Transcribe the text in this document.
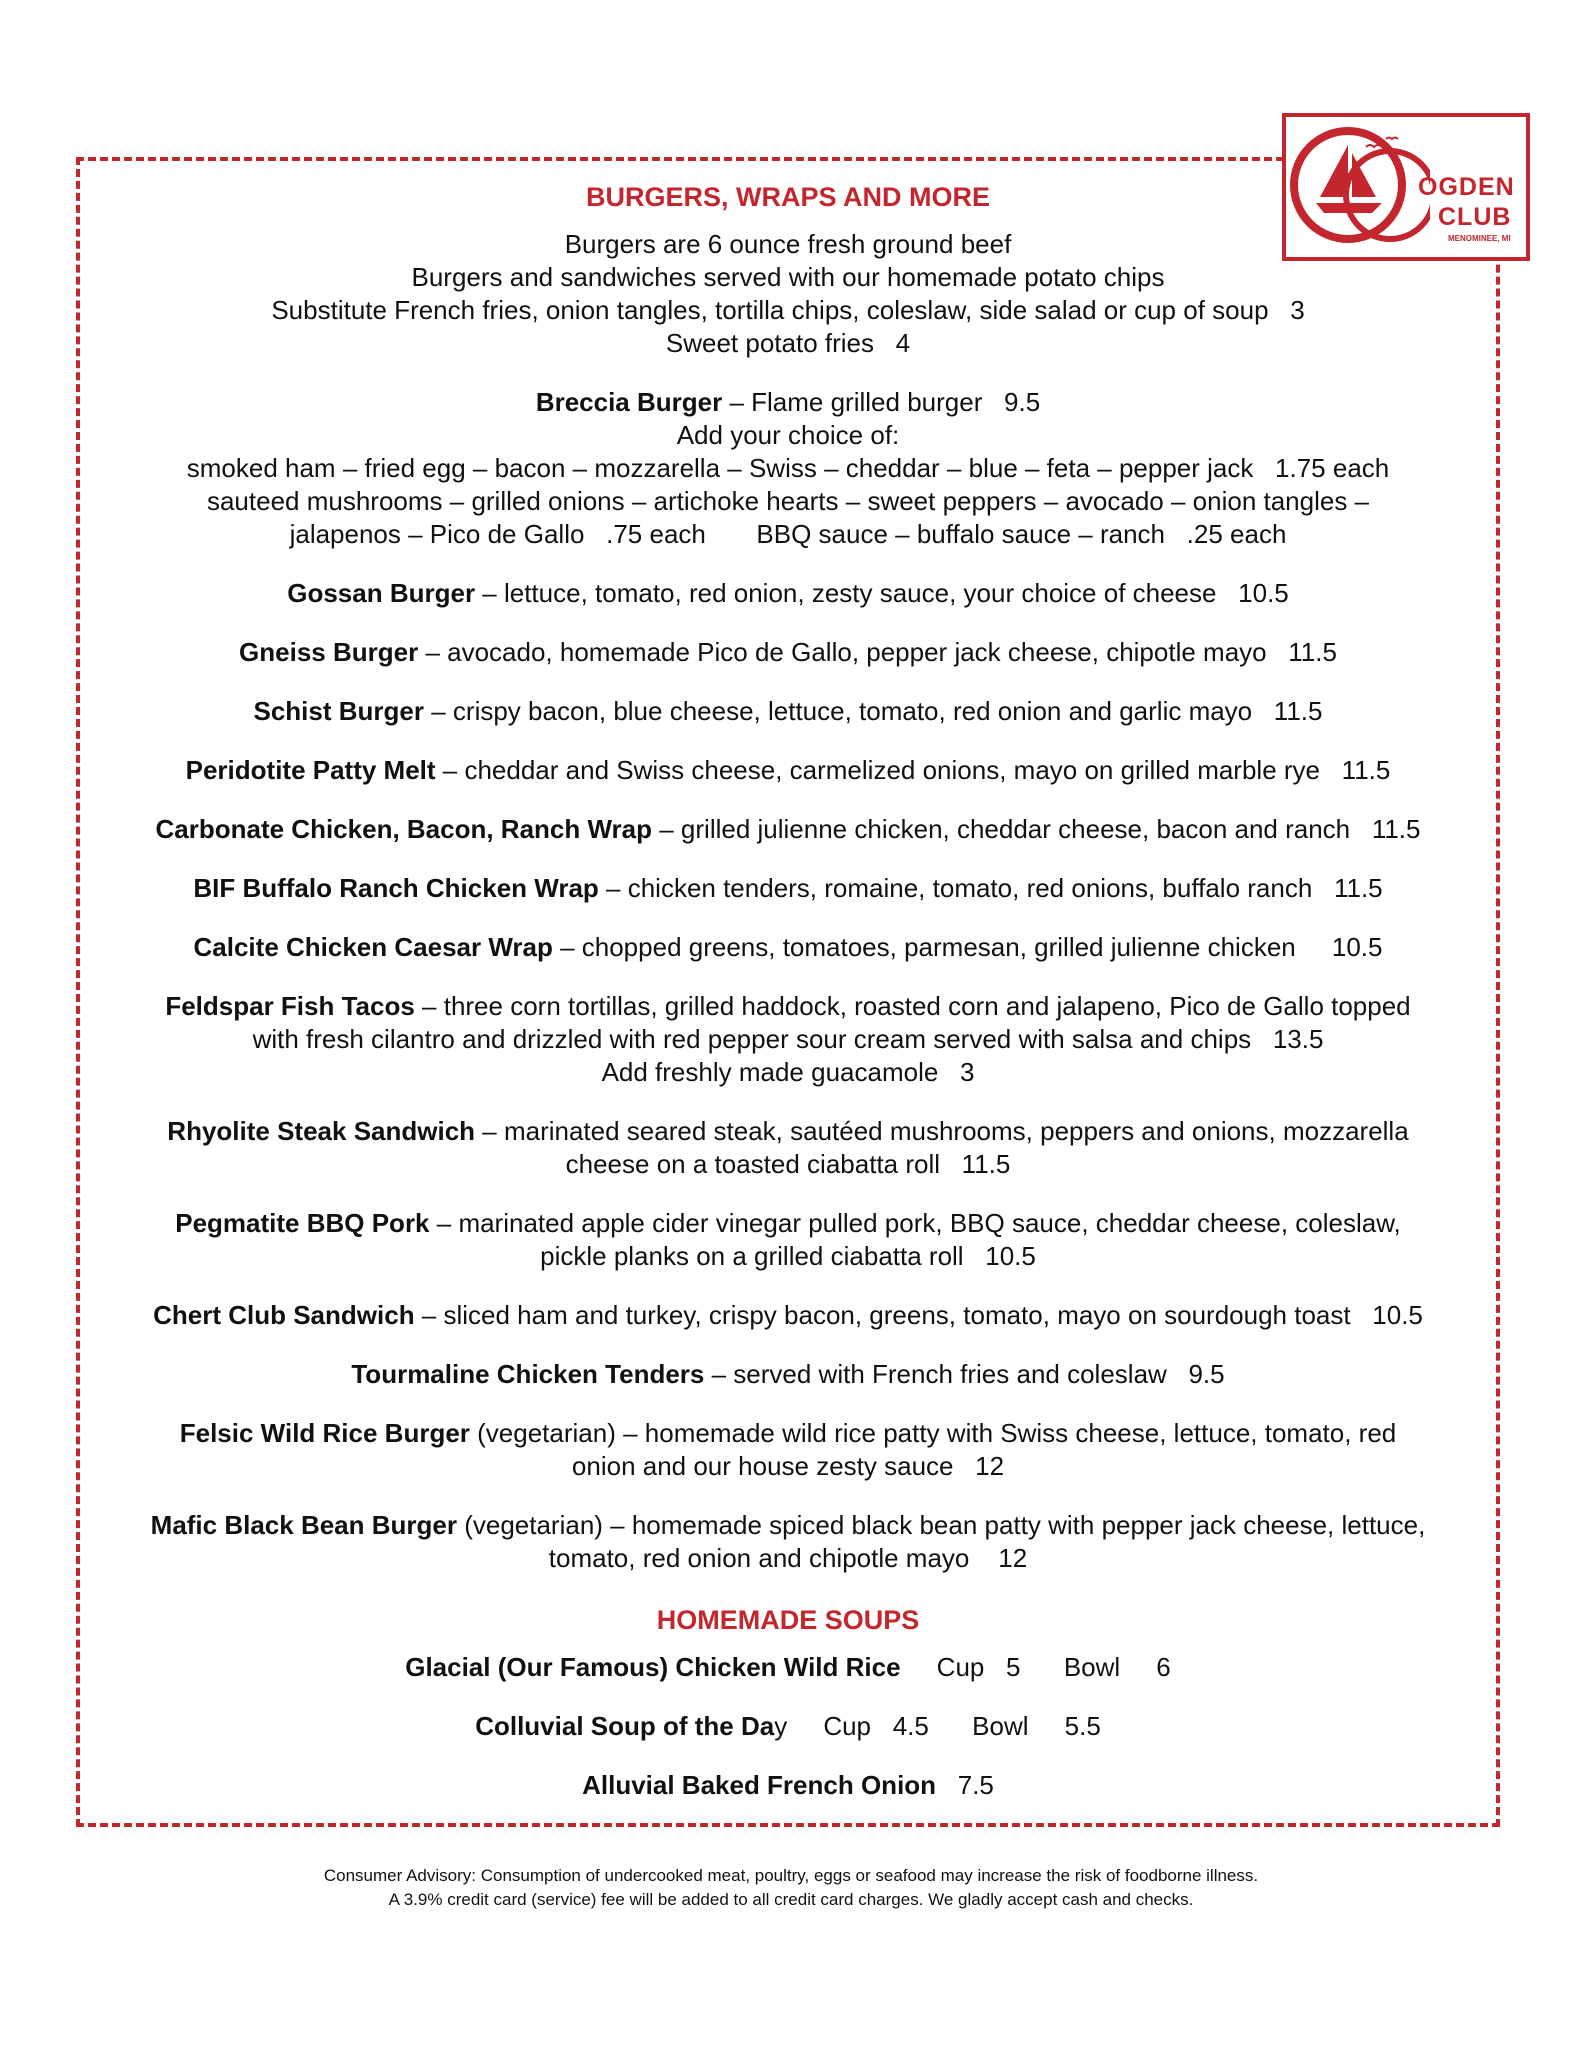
OGDEN
CLUB
MENOMINEE, MI

BURGERS, WRAPS AND MORE

Burgers are 6 ounce fresh ground beef

Burgers and sandwiches served with our homemade potato chips

Substitute French fries, onion tangles, tortilla chips, coleslaw, side salad or cup of soup   3

Sweet potato fries   4

Breccia Burger – Flame grilled burger   9.5

Add your choice of:

smoked ham – fried egg – bacon – mozzarella – Swiss – cheddar – blue – feta – pepper jack   1.75 each

sauteed mushrooms – grilled onions – artichoke hearts – sweet peppers – avocado – onion tangles –

jalapenos – Pico de Gallo   .75 each       BBQ sauce – buffalo sauce – ranch   .25 each

Gossan Burger – lettuce, tomato, red onion, zesty sauce, your choice of cheese   10.5

Gneiss Burger – avocado, homemade Pico de Gallo, pepper jack cheese, chipotle mayo   11.5

Schist Burger – crispy bacon, blue cheese, lettuce, tomato, red onion and garlic mayo   11.5

Peridotite Patty Melt – cheddar and Swiss cheese, carmelized onions, mayo on grilled marble rye   11.5

Carbonate Chicken, Bacon, Ranch Wrap – grilled julienne chicken, cheddar cheese, bacon and ranch   11.5

BIF Buffalo Ranch Chicken Wrap – chicken tenders, romaine, tomato, red onions, buffalo ranch   11.5

Calcite Chicken Caesar Wrap – chopped greens, tomatoes, parmesan, grilled julienne chicken     10.5

Feldspar Fish Tacos – three corn tortillas, grilled haddock, roasted corn and jalapeno, Pico de Gallo topped

with fresh cilantro and drizzled with red pepper sour cream served with salsa and chips   13.5

Add freshly made guacamole   3

Rhyolite Steak Sandwich – marinated seared steak, sautéed mushrooms, peppers and onions, mozzarella

cheese on a toasted ciabatta roll   11.5

Pegmatite BBQ Pork – marinated apple cider vinegar pulled pork, BBQ sauce, cheddar cheese, coleslaw,

pickle planks on a grilled ciabatta roll   10.5

Chert Club Sandwich – sliced ham and turkey, crispy bacon, greens, tomato, mayo on sourdough toast   10.5

Tourmaline Chicken Tenders – served with French fries and coleslaw   9.5

Felsic Wild Rice Burger (vegetarian) – homemade wild rice patty with Swiss cheese, lettuce, tomato, red

onion and our house zesty sauce   12

Mafic Black Bean Burger (vegetarian) – homemade spiced black bean patty with pepper jack cheese, lettuce,

tomato, red onion and chipotle mayo    12

HOMEMADE SOUPS

Glacial (Our Famous) Chicken Wild Rice     Cup   5      Bowl     6

Colluvial Soup of the Day     Cup   4.5      Bowl     5.5

Alluvial Baked French Onion   7.5

Consumer Advisory: Consumption of undercooked meat, poultry, eggs or seafood may increase the risk of foodborne illness.
A 3.9% credit card (service) fee will be added to all credit card charges. We gladly accept cash and checks.
